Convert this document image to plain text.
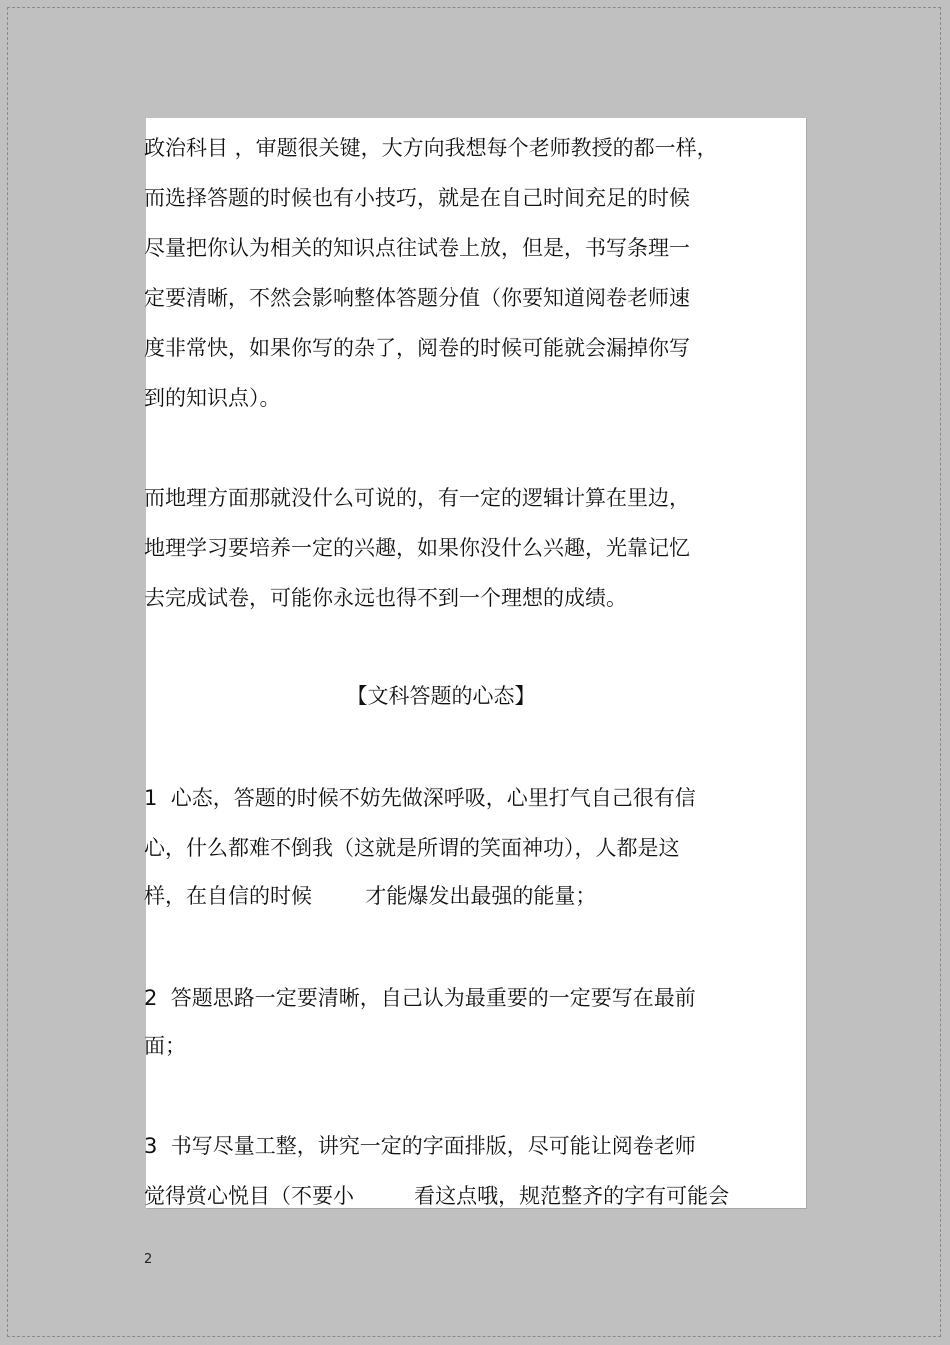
政治科目 ，审题很关键，大方向我想每个老师教授的都一样，
而选择答题的时候也有小技巧，就是在自己时间充足的时候
尽量把你认为相关的知识点往试卷上放，但是，书写条理一
定要清晰，不然会影响整体答题分值（你要知道阅卷老师速
度非常快，如果你写的杂了，阅卷的时候可能就会漏掉你写
到的知识点）。
而地理方面那就没什么可说的，有一定的逻辑计算在里边，
地理学习要培养一定的兴趣，如果你没什么兴趣，光靠记忆
去完成试卷，可能你永远也得不到一个理想的成绩。
【文科答题的心态】
1  心态，答题的时候不妨先做深呼吸，心里打气自己很有信
心，什么都难不倒我（这就是所谓的笑面神功），人都是这
样，在自信的时候        才能爆发出最强的能量；
2  答题思路一定要清晰，自己认为最重要的一定要写在最前
面；
3  书写尽量工整，讲究一定的字面排版，尽可能让阅卷老师
觉得赏心悦目（不要小         看这点哦，规范整齐的字有可能会
2
